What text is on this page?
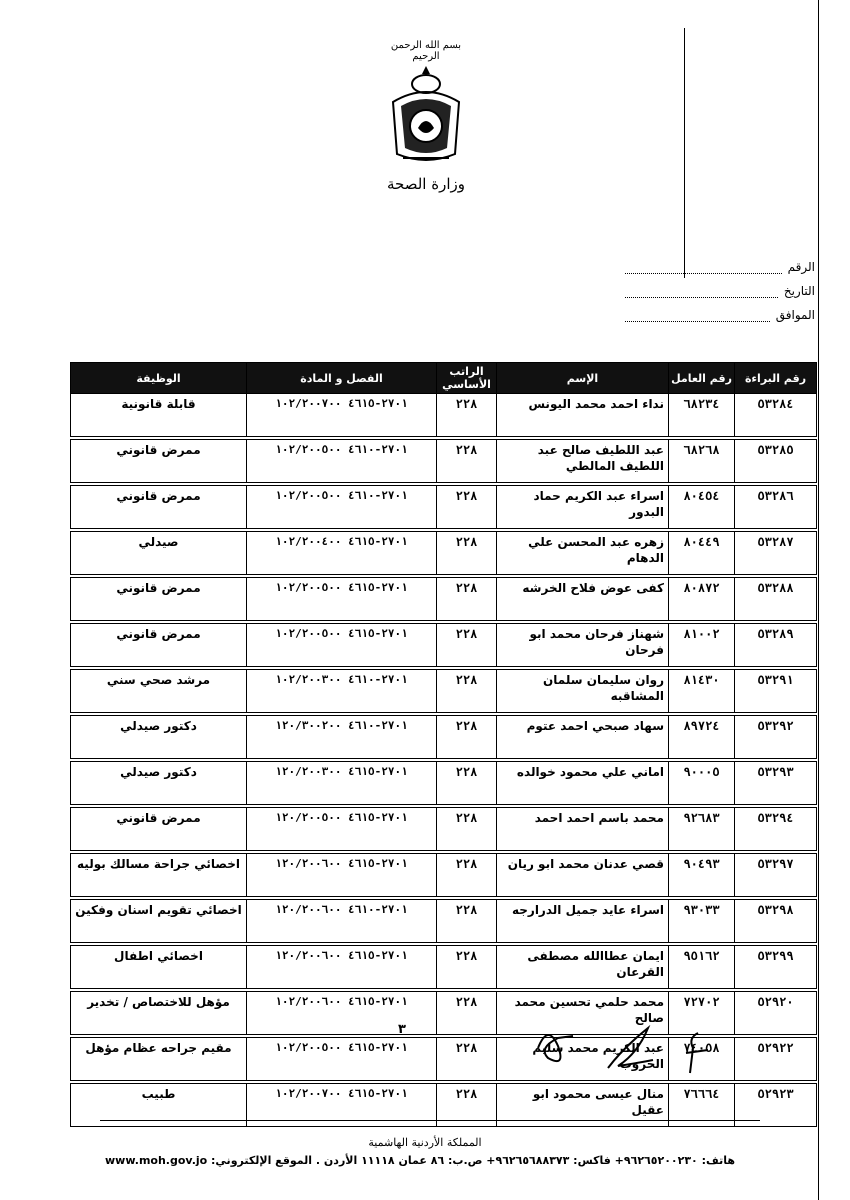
بسم الله الرحمن الرحيم
وزارة الصحة
الرقم
التاريخ
الموافق
رقم البراءة	رقم العامل	الإسم	الراتب الأساسي	الفصل و المادة	الوظيفة
٥٣٢٨٤	٦٨٢٣٤	نداء احمد محمد اليونس	٢٢٨	٢٧٠١-٤٦١٥ ١٠٢/٢٠٠٧٠٠	قابلة قانونية

٥٣٢٨٥	٦٨٢٦٨	عبد اللطيف صالح عبد اللطيف المالطي	٢٢٨	٢٧٠١-٤٦١٠ ١٠٢/٢٠٠٥٠٠	ممرض قانوني

٥٣٢٨٦	٨٠٤٥٤	اسراء عبد الكريم حماد البدور	٢٢٨	٢٧٠١-٤٦١٠ ١٠٢/٢٠٠٥٠٠	ممرض قانوني

٥٣٢٨٧	٨٠٤٤٩	زهره عبد المحسن علي الدهام	٢٢٨	٢٧٠١-٤٦١٥ ١٠٢/٢٠٠٤٠٠	صيدلي

٥٣٢٨٨	٨٠٨٧٢	كفى عوض فلاح الخرشه	٢٢٨	٢٧٠١-٤٦١٥ ١٠٢/٢٠٠٥٠٠	ممرض قانوني

٥٣٢٨٩	٨١٠٠٢	شهناز فرحان محمد ابو فرحان	٢٢٨	٢٧٠١-٤٦١٥ ١٠٢/٢٠٠٥٠٠	ممرض قانوني

٥٣٢٩١	٨١٤٣٠	روان سليمان سلمان المشاقبه	٢٢٨	٢٧٠١-٤٦١٠ ١٠٢/٢٠٠٣٠٠	مرشد صحي سني

٥٣٢٩٢	٨٩٧٢٤	سهاد صبحي احمد عتوم	٢٢٨	٢٧٠١-٤٦١٠ ١٢٠/٣٠٠٢٠٠	دكتور صيدلي

٥٣٢٩٣	٩٠٠٠٥	اماني علي محمود خوالده	٢٢٨	٢٧٠١-٤٦١٥ ١٢٠/٢٠٠٣٠٠	دكتور صيدلي

٥٣٢٩٤	٩٢٦٨٣	محمد باسم احمد احمد	٢٢٨	٢٧٠١-٤٦١٥ ١٢٠/٢٠٠٥٠٠	ممرض قانوني

٥٣٢٩٧	٩٠٤٩٣	قصي عدنان محمد ابو ريان	٢٢٨	٢٧٠١-٤٦١٥ ١٢٠/٢٠٠٦٠٠	اخصائي جراحة مسالك بوليه

٥٣٢٩٨	٩٣٠٣٣	اسراء عايد جميل الدرارجه	٢٢٨	٢٧٠١-٤٦١٠ ١٢٠/٢٠٠٦٠٠	اخصائي تقويم اسنان وفكين

٥٣٢٩٩	٩٥١٦٢	ايمان عطاالله مصطفى القرعان	٢٢٨	٢٧٠١-٤٦١٥ ١٢٠/٢٠٠٦٠٠	اخصائي اطفال

٥٢٩٢٠	٧٢٧٠٢	محمد حلمي تحسين محمد صالح	٢٢٨	٢٧٠١-٤٦١٥ ١٠٢/٢٠٠٦٠٠	مؤهل للاختصاص / تخدير

٥٢٩٢٢	٧٤٠٥٨	عبد الكريم محمد سليم الحروب	٢٢٨	٢٧٠١-٤٦١٥ ١٠٢/٢٠٠٥٠٠	مقيم جراحه عظام مؤهل

٥٢٩٢٣	٧٦٦٦٤	منال عيسى محمود ابو عقيل	٢٢٨	٢٧٠١-٤٦١٥ ١٠٢/٢٠٠٧٠٠	طبيب

٣
المملكة الأردنية الهاشمية
هاتف: ٩٦٢٦٥٢٠٠٢٣٠+ فاكس: ٩٦٢٦٥٦٨٨٣٧٣+ ص.ب: ٨٦ عمان ١١١١٨ الأردن . الموقع الإلكتروني: www.moh.gov.jo
